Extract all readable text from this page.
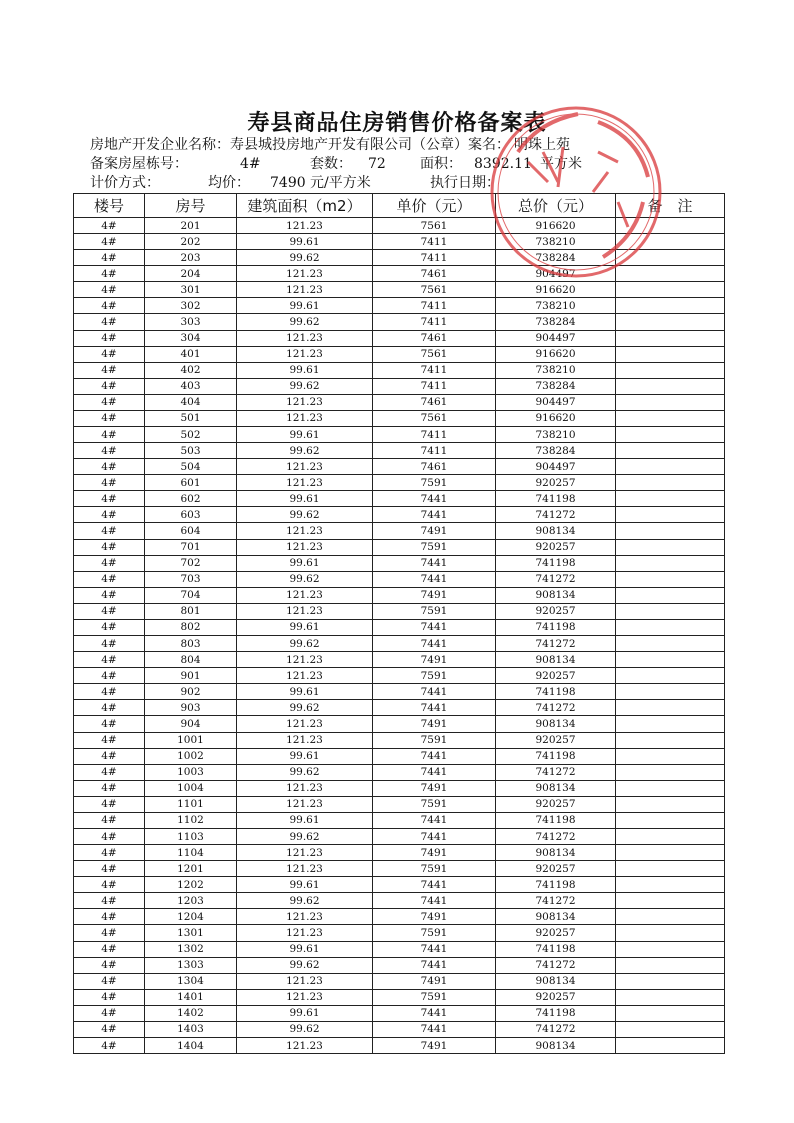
寿县商品住房销售价格备案表
房地产开发企业名称：寿县城投房地产开发有限公司（公章）案名： 明珠上苑
备案房屋栋号：	4#	套数： 72 面积： 8392.11 平方米
计价方式：	均价： 7490 元/平方米	执行日期：
楼号	房号	建筑面积（m2）	单价（元）	总价（元）	备　注
4#	201	121.23	7561	916620	
4#	202	99.61	7411	738210	
4#	203	99.62	7411	738284	
4#	204	121.23	7461	904497	
4#	301	121.23	7561	916620	
4#	302	99.61	7411	738210	
4#	303	99.62	7411	738284	
4#	304	121.23	7461	904497	
4#	401	121.23	7561	916620	
4#	402	99.61	7411	738210	
4#	403	99.62	7411	738284	
4#	404	121.23	7461	904497	
4#	501	121.23	7561	916620	
4#	502	99.61	7411	738210	
4#	503	99.62	7411	738284	
4#	504	121.23	7461	904497	
4#	601	121.23	7591	920257	
4#	602	99.61	7441	741198	
4#	603	99.62	7441	741272	
4#	604	121.23	7491	908134	
4#	701	121.23	7591	920257	
4#	702	99.61	7441	741198	
4#	703	99.62	7441	741272	
4#	704	121.23	7491	908134	
4#	801	121.23	7591	920257	
4#	802	99.61	7441	741198	
4#	803	99.62	7441	741272	
4#	804	121.23	7491	908134	
4#	901	121.23	7591	920257	
4#	902	99.61	7441	741198	
4#	903	99.62	7441	741272	
4#	904	121.23	7491	908134	
4#	1001	121.23	7591	920257	
4#	1002	99.61	7441	741198	
4#	1003	99.62	7441	741272	
4#	1004	121.23	7491	908134	
4#	1101	121.23	7591	920257	
4#	1102	99.61	7441	741198	
4#	1103	99.62	7441	741272	
4#	1104	121.23	7491	908134	
4#	1201	121.23	7591	920257	
4#	1202	99.61	7441	741198	
4#	1203	99.62	7441	741272	
4#	1204	121.23	7491	908134	
4#	1301	121.23	7591	920257	
4#	1302	99.61	7441	741198	
4#	1303	99.62	7441	741272	
4#	1304	121.23	7491	908134	
4#	1401	121.23	7591	920257	
4#	1402	99.61	7441	741198	
4#	1403	99.62	7441	741272	
4#	1404	121.23	7491	908134	
